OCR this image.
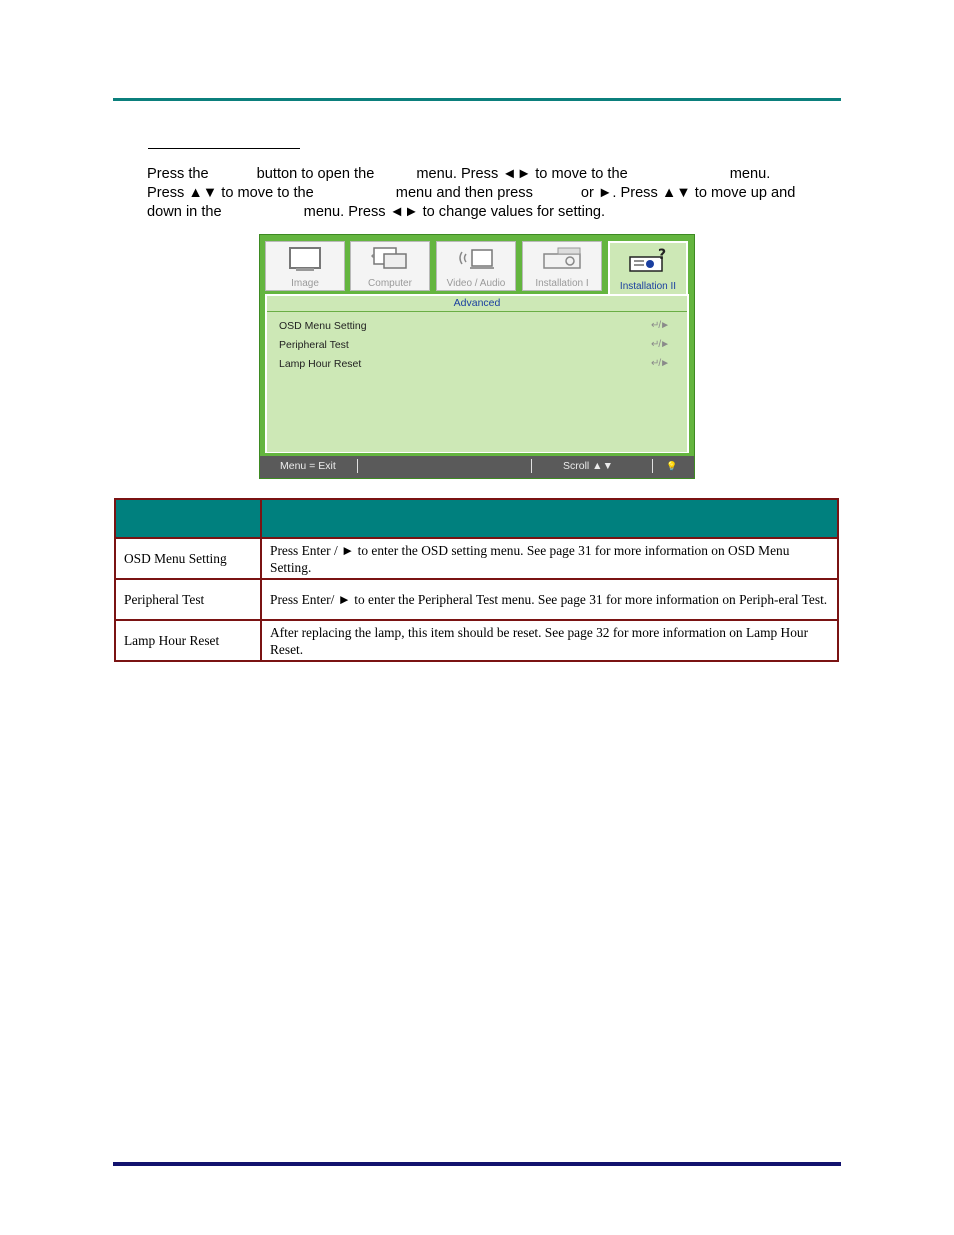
Press the	button to open the	menu. Press ◄► to move to the	menu.
Press ▲▼ to move to the	menu and then press	or ►. Press ▲▼ to move up and
down in the	menu. Press ◄► to change values for setting.
Image	Computer	Video / Audio	Installation I
?
Installation II
Advanced
OSD Menu Setting	↵/►
Peripheral Test	↵/►
Lamp Hour Reset	↵/►
Menu = Exit	Scroll ▲▼	💡

OSD Menu Setting	Press Enter / ► to enter the OSD setting menu. See page 31 for more information on OSD Menu Setting.
Peripheral Test	Press Enter/ ► to enter the Peripheral Test menu. See page 31 for more information on Periph-eral Test.
Lamp Hour Reset	After replacing the lamp, this item should be reset. See page 32 for more information on Lamp Hour Reset.
